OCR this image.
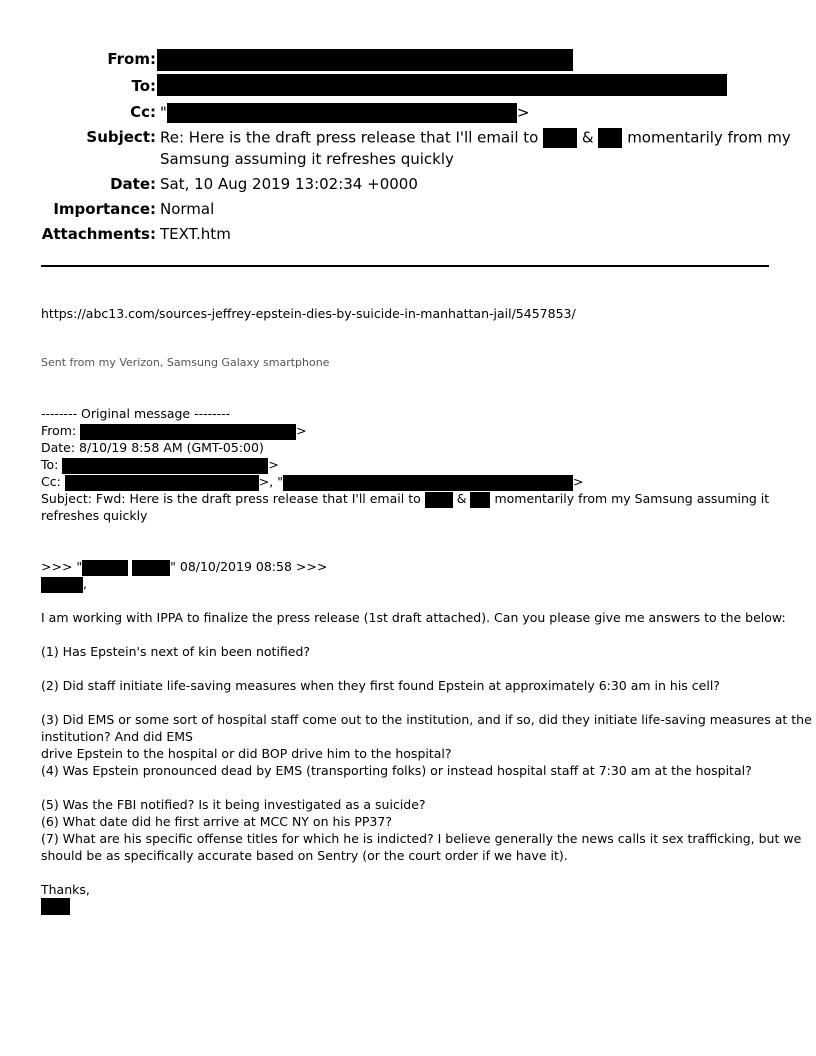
From:
To:
Cc: "	>
Subject: Re: Here is the draft press release that I'll email to	& momentarily from my
Samsung assuming it refreshes quickly
Date: Sat, 10 Aug 2019 13:02:34 +0000
Importance: Normal
Attachments: TEXT.htm
https://abc13.com/sources-jeffrey-epstein-dies-by-suicide-in-manhattan-jail/5457853/
Sent from my Verizon, Samsung Galaxy smartphone
-------- Original message --------
From:	>
Date: 8/10/19 8:58 AM (GMT-05:00)
To:	>
Cc:	>, "	>
Subject: Fwd: Here is the draft press release that I'll email to	& momentarily from my Samsung assuming it
refreshes quickly
>>> "	" 08/10/2019 08:58 >>>
,
I am working with IPPA to finalize the press release (1st draft attached). Can you please give me answers to the below:
(1) Has Epstein's next of kin been notified?
(2) Did staff initiate life-saving measures when they first found Epstein at approximately 6:30 am in his cell?
(3) Did EMS or some sort of hospital staff come out to the institution, and if so, did they initiate life-saving measures at the
institution? And did EMS
drive Epstein to the hospital or did BOP drive him to the hospital?
(4) Was Epstein pronounced dead by EMS (transporting folks) or instead hospital staff at 7:30 am at the hospital?
(5) Was the FBI notified? Is it being investigated as a suicide?
(6) What date did he first arrive at MCC NY on his PP37?
(7) What are his specific offense titles for which he is indicted? I believe generally the news calls it sex trafficking, but we
should be as specifically accurate based on Sentry (or the court order if we have it).
Thanks,
